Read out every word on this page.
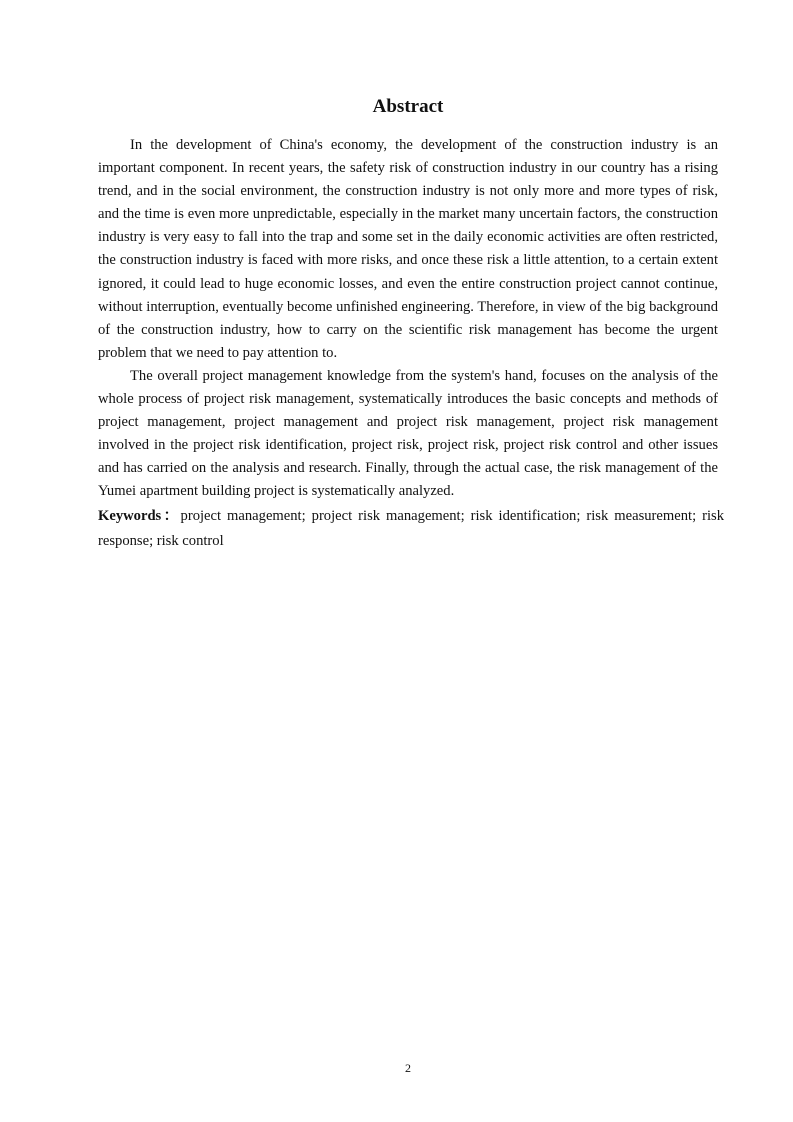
Abstract

In the development of China's economy, the development of the construction industry is an important component. In recent years, the safety risk of construction industry in our country has a rising trend, and in the social environment, the construction industry is not only more and more types of risk, and the time is even more unpredictable, especially in the market many uncertain factors, the construction industry is very easy to fall into the trap and some set in the daily economic activities are often restricted, the construction industry is faced with more risks, and once these risk a little attention, to a certain extent ignored, it could lead to huge economic losses, and even the entire construction project cannot continue, without interruption, eventually become unfinished engineering. Therefore, in view of the big background of the construction industry, how to carry on the scientific risk management has become the urgent problem that we need to pay attention to.

The overall project management knowledge from the system's hand, focuses on the analysis of the whole process of project risk management, systematically introduces the basic concepts and methods of project management, project management and project risk management, project risk management involved in the project risk identification, project risk, project risk, project risk control and other issues and has carried on the analysis and research. Finally, through the actual case, the risk management of the Yumei apartment building project is systematically analyzed.

Keywords：project management; project risk management; risk identification; risk measurement; risk response; risk control

2
